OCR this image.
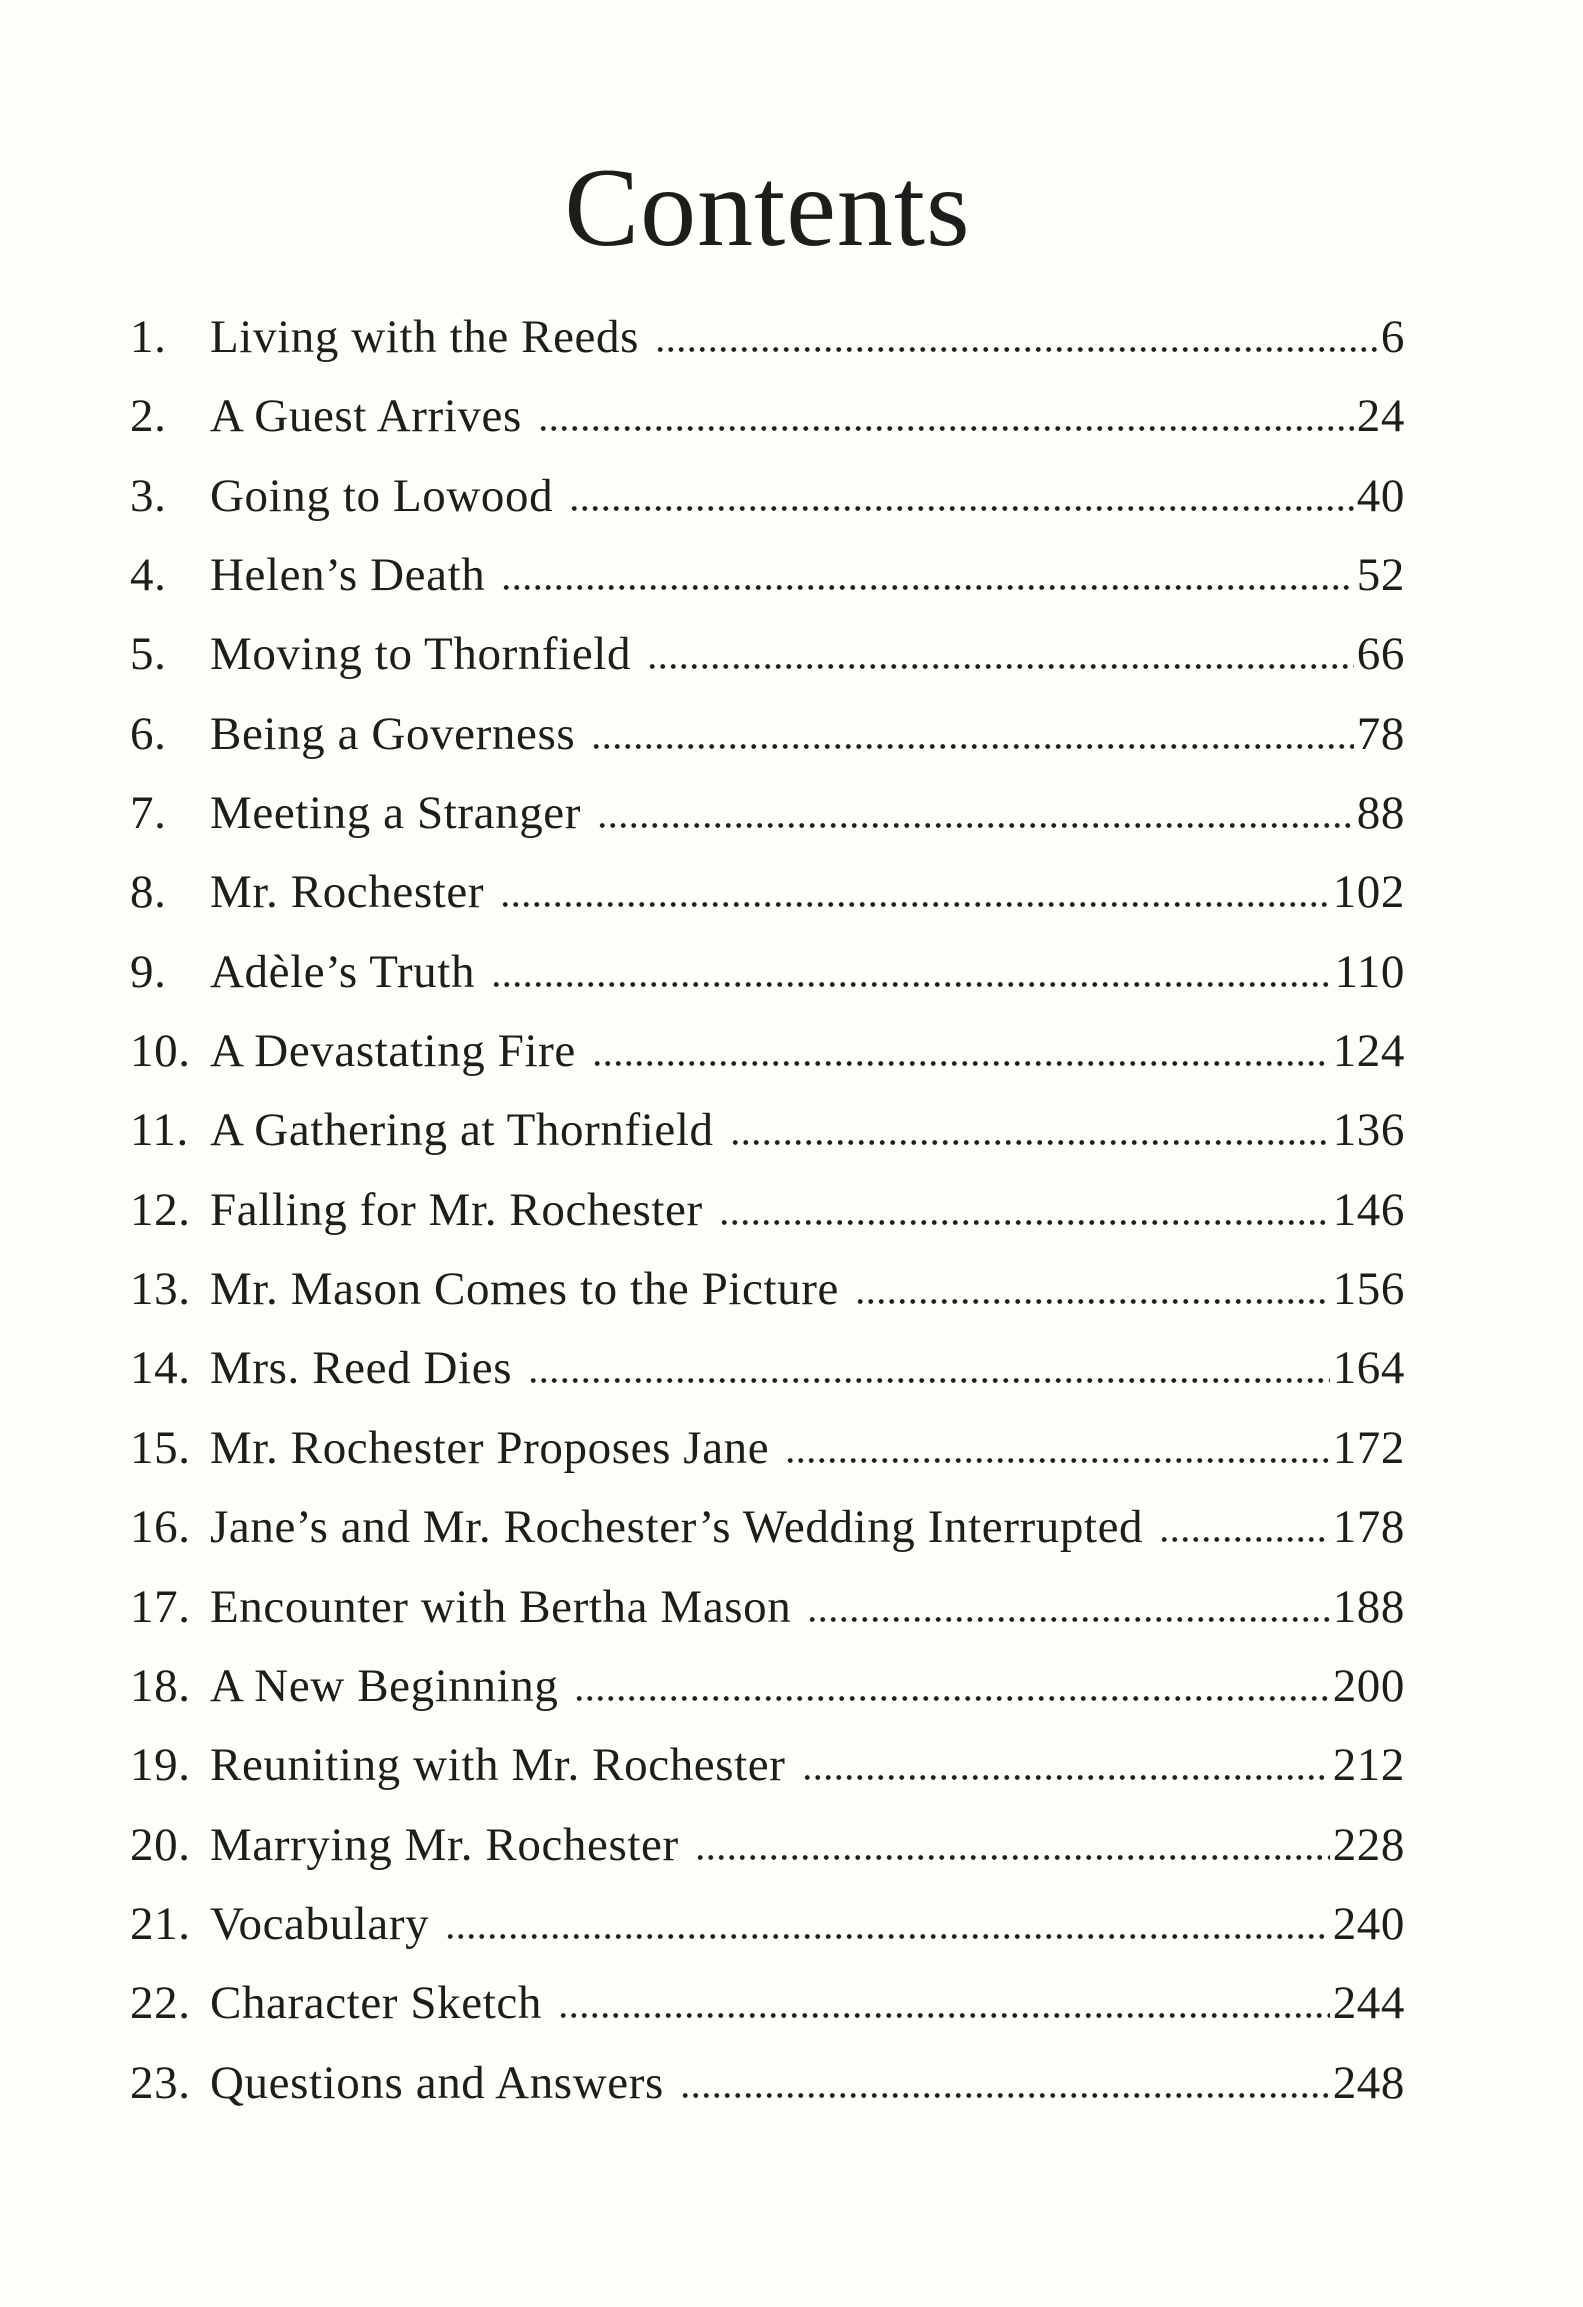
Contents
1. Living with the Reeds	6
2. A Guest Arrives	24
3. Going to Lowood	40
4. Helen’s Death	52
5. Moving to Thornfield	66
6. Being a Governess	78
7. Meeting a Stranger	88
8. Mr. Rochester	102
9. Adèle’s Truth	110
10. A Devastating Fire	124
11. A Gathering at Thornfield	136
12. Falling for Mr. Rochester	146
13. Mr. Mason Comes to the Picture	156
14. Mrs. Reed Dies	164
15. Mr. Rochester Proposes Jane	172
16. Jane’s and Mr. Rochester’s Wedding Interrupted	178
17. Encounter with Bertha Mason	188
18. A New Beginning	200
19. Reuniting with Mr. Rochester	212
20. Marrying Mr. Rochester	228
21. Vocabulary	240
22. Character Sketch	244
23. Questions and Answers	248
